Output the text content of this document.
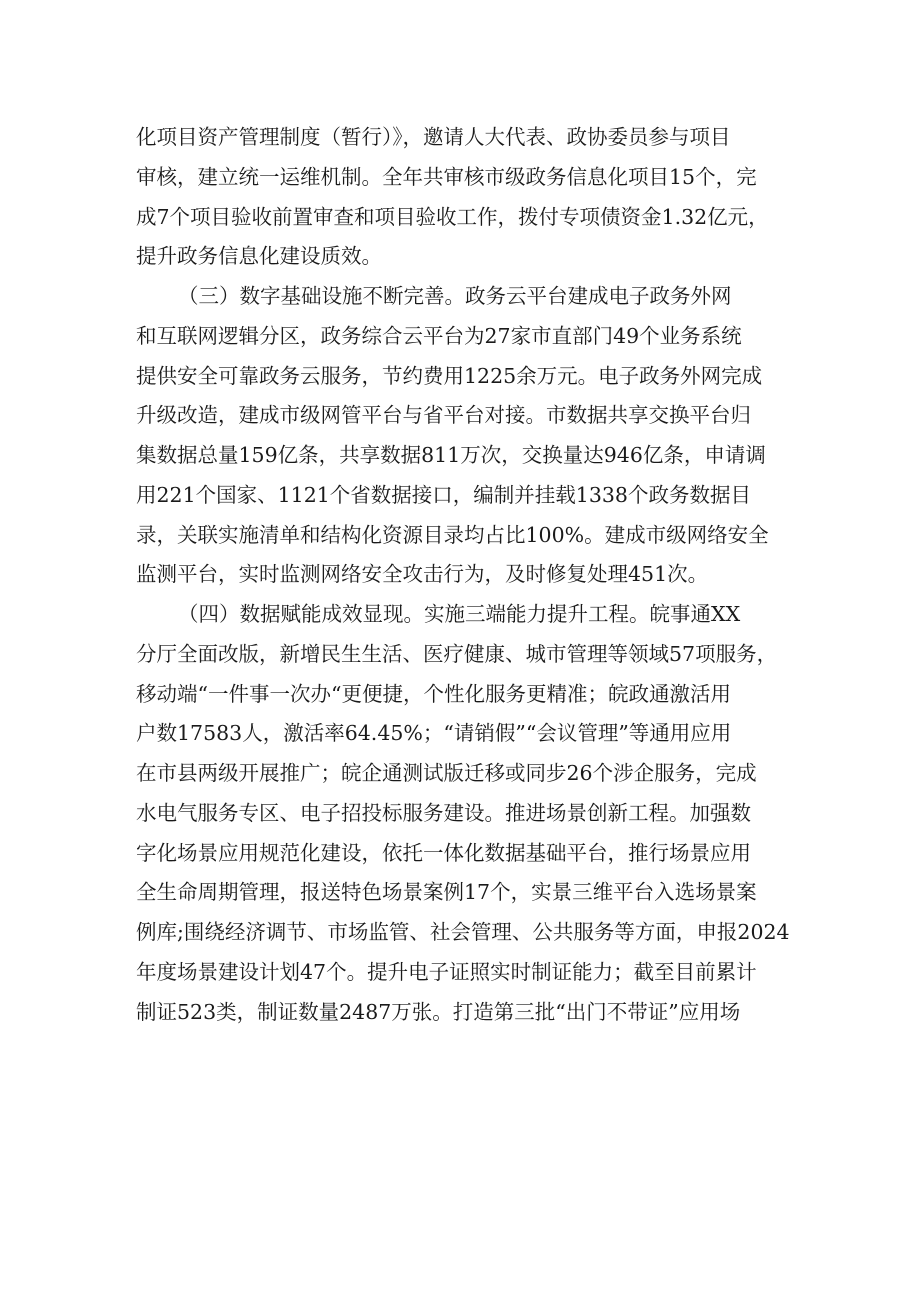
化项目资产管理制度（暂行）》，邀请人大代表、政协委员参与项目
审核，建立统一运维机制。全年共审核市级政务信息化项目15个，完
成7个项目验收前置审查和项目验收工作，拨付专项债资金1.32亿元，
提升政务信息化建设质效。
（三）数字基础设施不断完善。政务云平台建成电子政务外网
和互联网逻辑分区，政务综合云平台为27家市直部门49个业务系统
提供安全可靠政务云服务，节约费用1225余万元。电子政务外网完成
升级改造，建成市级网管平台与省平台对接。市数据共享交换平台归
集数据总量159亿条，共享数据811万次，交换量达946亿条，申请调
用221个国家、1121个省数据接口，编制并挂载1338个政务数据目
录，关联实施清单和结构化资源目录均占比100%。建成市级网络安全
监测平台，实时监测网络安全攻击行为，及时修复处理451次。
（四）数据赋能成效显现。实施三端能力提升工程。皖事通XX
分厅全面改版，新增民生生活、医疗健康、城市管理等领域57项服务，
移动端“一件事一次办“更便捷，个性化服务更精准；皖政通激活用
户数17583人，激活率64.45%；“请销假”“会议管理”等通用应用
在市县两级开展推广；皖企通测试版迁移或同步26个涉企服务，完成
水电气服务专区、电子招投标服务建设。推进场景创新工程。加强数
字化场景应用规范化建设，依托一体化数据基础平台，推行场景应用
全生命周期管理，报送特色场景案例17个，实景三维平台入选场景案
例库;围绕经济调节、市场监管、社会管理、公共服务等方面，申报2024
年度场景建设计划47个。提升电子证照实时制证能力；截至目前累计
制证523类，制证数量2487万张。打造第三批“出门不带证”应用场
